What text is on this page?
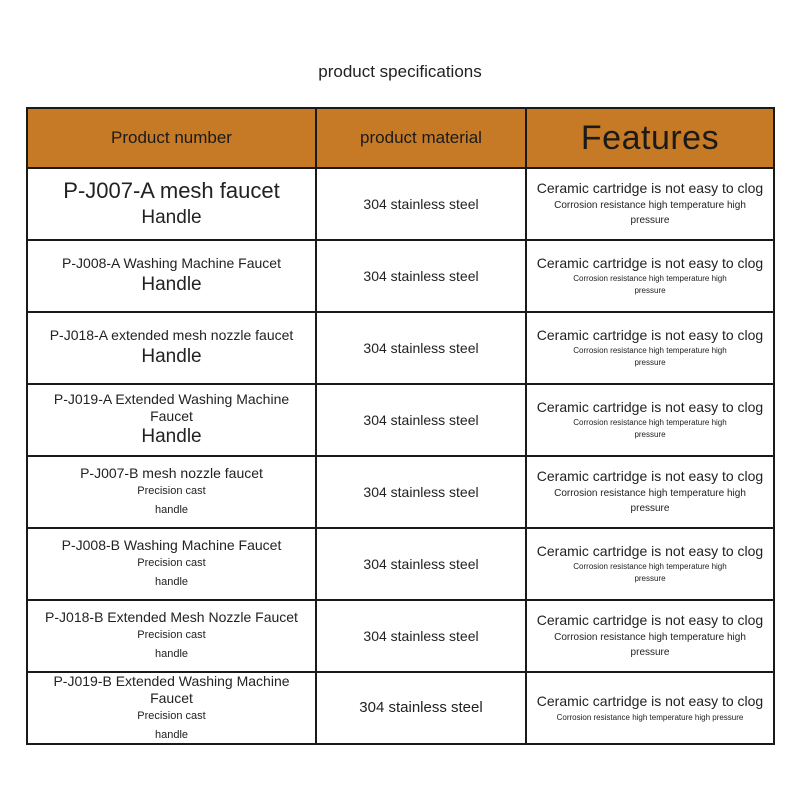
product specifications
Product number	product material	Features

P-J007-A mesh faucet
Handle	304 stainless steel	Ceramic cartridge is not easy to clog
Corrosion resistance high temperature high
pressure

P-J008-A Washing Machine Faucet
Handle	304 stainless steel	Ceramic cartridge is not easy to clog
Corrosion resistance high temperature high
pressure

P-J018-A extended mesh nozzle faucet
Handle	304 stainless steel	Ceramic cartridge is not easy to clog
Corrosion resistance high temperature high
pressure

P-J019-A Extended Washing Machine Faucet
Handle	304 stainless steel	Ceramic cartridge is not easy to clog
Corrosion resistance high temperature high
pressure

P-J007-B mesh nozzle faucet
Precision cast
handle	304 stainless steel	Ceramic cartridge is not easy to clog
Corrosion resistance high temperature high
pressure

P-J008-B Washing Machine Faucet
Precision cast
handle	304 stainless steel	Ceramic cartridge is not easy to clog
Corrosion resistance high temperature high
pressure

P-J018-B Extended Mesh Nozzle Faucet
Precision cast
handle	304 stainless steel	Ceramic cartridge is not easy to clog
Corrosion resistance high temperature high
pressure

P-J019-B Extended Washing Machine Faucet
Precision cast
handle	304 stainless steel	Ceramic cartridge is not easy to clog
Corrosion resistance high temperature high pressure
